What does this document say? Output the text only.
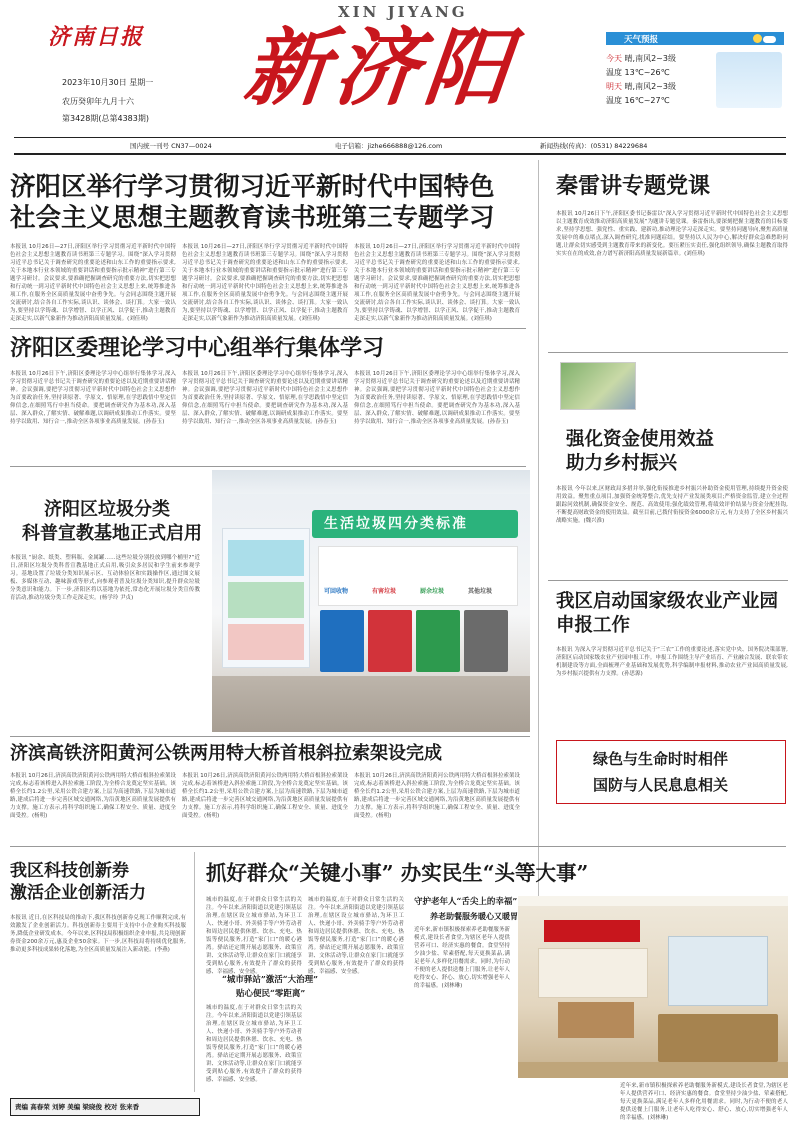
济南日报
2023年10月30日 星期一
农历癸卯年九月十六
第3428期(总第4383期)
XIN JIYANG
新济阳	天气预报
今天 晴,南风2~3级
温度 13℃~26℃
明天 晴,南风2~3级
温度 16℃~27℃
国内统一刊号 CN37—0024	电子信箱：jizhe666888@126.com	新闻热线(传真)：(0531) 84229684
济阳区举行学习贯彻习近平新时代中国特色
社会主义思想主题教育读书班第三专题学习
本报讯 10月26日—27日,济阳区举行学习贯彻习近平新时代中国特色社会主义思想主题教育读书班第三专题学习。围绕“深入学习贯彻习近平总书记关于调查研究的重要论述和山东工作的重要指示要求,关于本地本行业本领域的重要讲话和重要指示批示精神”进行第三专题学习研讨。会议要求,要准确把握调查研究的重要方法,切实把思想和行动统一到习近平新时代中国特色社会主义思想上来,统筹推进各项工作,在服务全区高质量发展中奋勇争先。与会同志围绕主题开展交流研讨,结合各自工作实际,谈认识、谈体会、谈打算。大家一致认为,要坚持以学铸魂、以学增智、以学正风、以学促干,推动主题教育走深走实,以新气象新作为推动济阳高质量发展。(刘佳琪)
本报讯 10月26日—27日,济阳区举行学习贯彻习近平新时代中国特色社会主义思想主题教育读书班第三专题学习。围绕“深入学习贯彻习近平总书记关于调查研究的重要论述和山东工作的重要指示要求,关于本地本行业本领域的重要讲话和重要指示批示精神”进行第三专题学习研讨。会议要求,要准确把握调查研究的重要方法,切实把思想和行动统一到习近平新时代中国特色社会主义思想上来,统筹推进各项工作,在服务全区高质量发展中奋勇争先。与会同志围绕主题开展交流研讨,结合各自工作实际,谈认识、谈体会、谈打算。大家一致认为,要坚持以学铸魂、以学增智、以学正风、以学促干,推动主题教育走深走实,以新气象新作为推动济阳高质量发展。(刘佳琪)
本报讯 10月26日—27日,济阳区举行学习贯彻习近平新时代中国特色社会主义思想主题教育读书班第三专题学习。围绕“深入学习贯彻习近平总书记关于调查研究的重要论述和山东工作的重要指示要求,关于本地本行业本领域的重要讲话和重要指示批示精神”进行第三专题学习研讨。会议要求,要准确把握调查研究的重要方法,切实把思想和行动统一到习近平新时代中国特色社会主义思想上来,统筹推进各项工作,在服务全区高质量发展中奋勇争先。与会同志围绕主题开展交流研讨,结合各自工作实际,谈认识、谈体会、谈打算。大家一致认为,要坚持以学铸魂、以学增智、以学正风、以学促干,推动主题教育走深走实,以新气象新作为推动济阳高质量发展。(刘佳琪)
秦雷讲专题党课
本报讯 10月26日下午,济阳区委书记秦雷以“深入学习贯彻习近平新时代中国特色社会主义思想 以主题教育成效推动济阳高质量发展”为题讲专题党课。秦雷指出,要深刻把握主题教育的目标要求,坚持学思想、强党性、重实践、建新功,推动理论学习走深走实。要坚持问题导向,聚焦高质量发展中的难点堵点,深入调查研究,找准问题症结。要坚持以人民为中心,解决好群众急难愁盼问题,让群众切实感受到主题教育带来的新变化。要压紧压实责任,强化组织领导,确保主题教育取得实实在在的成效,奋力谱写新济阳高质量发展新篇章。(刘佳琪)
强化资金使用效益
助力乡村振兴
本报讯 今年以来,区财政局多措并举,强化衔接推进乡村振兴补助资金使用管理,持续提升资金使用效益。聚焦重点项目,加强资金统筹整合,优先支持产业发展类项目;严格资金监管,建立全过程跟踪问效机制,确保资金安全、规范、高效使用;强化绩效管理,将绩效评价结果与资金分配挂钩,不断提高财政资金的使用效益。截至目前,已拨付衔接资金6000余万元,有力支持了全区乡村振兴战略实施。(魏兴淮)
我区启动国家级农业产业园
申报工作
本报讯 为深入学习贯彻习近平总书记关于“三农”工作的重要论述,落实党中央、国务院决策部署,济阳区启动国家级农业产业园申报工作。申报工作围绕主导产业培育、产业融合发展、联农带农机制建设等方面,全面梳理产业基础和发展优势,科学编制申报材料,推动农业产业园高质量发展,为乡村振兴提供有力支撑。(孙思源)
绿色与生命时时相伴
国防与人民息息相关
济阳区委理论学习中心组举行集体学习
本报讯 10月26日下午,济阳区委理论学习中心组举行集体学习,深入学习贯彻习近平总书记关于调查研究的重要论述以及近期重要讲话精神。会议强调,要把学习贯彻习近平新时代中国特色社会主义思想作为首要政治任务,坚持读原著、学原文、悟原理,在学思践悟中坚定信仰信念,在细照笃行中担当使命。要把调查研究作为基本功,深入基层、深入群众,了解实情、破解难题,以调研成果推动工作落实。要坚持学以致用、知行合一,推动全区各项事业高质量发展。(孙春玉)
本报讯 10月26日下午,济阳区委理论学习中心组举行集体学习,深入学习贯彻习近平总书记关于调查研究的重要论述以及近期重要讲话精神。会议强调,要把学习贯彻习近平新时代中国特色社会主义思想作为首要政治任务,坚持读原著、学原文、悟原理,在学思践悟中坚定信仰信念,在细照笃行中担当使命。要把调查研究作为基本功,深入基层、深入群众,了解实情、破解难题,以调研成果推动工作落实。要坚持学以致用、知行合一,推动全区各项事业高质量发展。(孙春玉)
本报讯 10月26日下午,济阳区委理论学习中心组举行集体学习,深入学习贯彻习近平总书记关于调查研究的重要论述以及近期重要讲话精神。会议强调,要把学习贯彻习近平新时代中国特色社会主义思想作为首要政治任务,坚持读原著、学原文、悟原理,在学思践悟中坚定信仰信念,在细照笃行中担当使命。要把调查研究作为基本功,深入基层、深入群众,了解实情、破解难题,以调研成果推动工作落实。要坚持学以致用、知行合一,推动全区各项事业高质量发展。(孙春玉)
济阳区垃圾分类
科普宣教基地正式启用
本报讯 “厨余、纸类、塑料瓶、金属罐……这些垃圾分别投放到哪个桶里?”近日,济阳区垃圾分类科普宣教基地正式启用,吸引众多居民和学生前来参观学习。基地设置了垃圾分类知识展示区、互动体验区和实践操作区,通过图文展板、多媒体互动、趣味游戏等形式,向参观者普及垃圾分类知识,提升群众垃圾分类意识和能力。下一步,济阳区将以基地为依托,常态化开展垃圾分类宣传教育活动,推动垃圾分类工作走深走实。(杨学玲 尹贞)
生活垃圾四分类标准
可回收物	有害垃圾	厨余垃圾	其他垃圾
济滨高铁济阳黄河公铁两用特大桥首根斜拉索架设完成
本报讯 10月26日,济滨高铁济阳黄河公铁两用特大桥首根斜拉索架设完成,标志着该桥进入斜拉索施工阶段,为全桥合龙奠定坚实基础。该桥全长约1.2公里,采用公铁合建方案,上层为高速铁路,下层为城市道路,建成后将进一步完善区域交通网络,为沿黄地区高质量发展提供有力支撑。施工方表示,将科学组织施工,确保工程安全、质量、进度全面受控。(杨明)
本报讯 10月26日,济滨高铁济阳黄河公铁两用特大桥首根斜拉索架设完成,标志着该桥进入斜拉索施工阶段,为全桥合龙奠定坚实基础。该桥全长约1.2公里,采用公铁合建方案,上层为高速铁路,下层为城市道路,建成后将进一步完善区域交通网络,为沿黄地区高质量发展提供有力支撑。施工方表示,将科学组织施工,确保工程安全、质量、进度全面受控。(杨明)
本报讯 10月26日,济滨高铁济阳黄河公铁两用特大桥首根斜拉索架设完成,标志着该桥进入斜拉索施工阶段,为全桥合龙奠定坚实基础。该桥全长约1.2公里,采用公铁合建方案,上层为高速铁路,下层为城市道路,建成后将进一步完善区域交通网络,为沿黄地区高质量发展提供有力支撑。施工方表示,将科学组织施工,确保工程安全、质量、进度全面受控。(杨明)
我区科技创新券
激活企业创新活力
本报讯 近日,在区科技局的推动下,我区科技创新券兑现工作顺利完成,有效激发了企业创新活力。科技创新券主要用于支持中小企业购买科技服务,降低企业研发成本。今年以来,区科技局积极组织企业申报,共兑现创新券资金200余万元,惠及企业50余家。下一步,区科技局将持续优化服务,推动更多科技成果转化落地,为全区高质量发展注入新动能。(李燕)
抓好群众“关键小事” 办实民生“头等大事”
城市的温度,在于对群众日常生活的关注。今年以来,济阳街道以党建引领基层治理,在辖区设立城市驿站,为环卫工人、快递小哥、外卖骑手等户外劳动者和周边居民提供休憩、饮水、充电、热饭等便民服务,打造“家门口”的暖心港湾。驿站还定期开展志愿服务、政策宣讲、文体活动等,让群众在家门口就能享受到贴心服务,有效提升了群众的获得感、幸福感、安全感。
“城市驿站”激活“大治理”
贴心便民“零距离”
城市的温度,在于对群众日常生活的关注。今年以来,济阳街道以党建引领基层治理,在辖区设立城市驿站,为环卫工人、快递小哥、外卖骑手等户外劳动者和周边居民提供休憩、饮水、充电、热饭等便民服务,打造“家门口”的暖心港湾。驿站还定期开展志愿服务、政策宣讲、文体活动等,让群众在家门口就能享受到贴心服务,有效提升了群众的获得感、幸福感、安全感。
城市的温度,在于对群众日常生活的关注。今年以来,济阳街道以党建引领基层治理,在辖区设立城市驿站,为环卫工人、快递小哥、外卖骑手等户外劳动者和周边居民提供休憩、饮水、充电、热饭等便民服务,打造“家门口”的暖心港湾。驿站还定期开展志愿服务、政策宣讲、文体活动等,让群众在家门口就能享受到贴心服务,有效提升了群众的获得感、幸福感、安全感。
守护老年人“舌尖上的幸福”
养老助餐服务暖心又暖胃
近年来,新市镇积极探索养老助餐服务新模式,建设长者食堂,为辖区老年人提供营养可口、经济实惠的餐食。食堂坚持少油少盐、荤素搭配,每天更换菜品,满足老年人多样化用餐需求。同时,为行动不便的老人提供送餐上门服务,让老年人吃得安心、舒心、放心,切实增强老年人的幸福感。(刘林琳)
近年来,新市镇积极探索养老助餐服务新模式,建设长者食堂,为辖区老年人提供营养可口、经济实惠的餐食。食堂坚持少油少盐、荤素搭配,每天更换菜品,满足老年人多样化用餐需求。同时,为行动不便的老人提供送餐上门服务,让老年人吃得安心、舒心、放心,切实增强老年人的幸福感。(刘林琳)
责编 高春荣 刘婷 美编 梁晓俊 校对 张来香
